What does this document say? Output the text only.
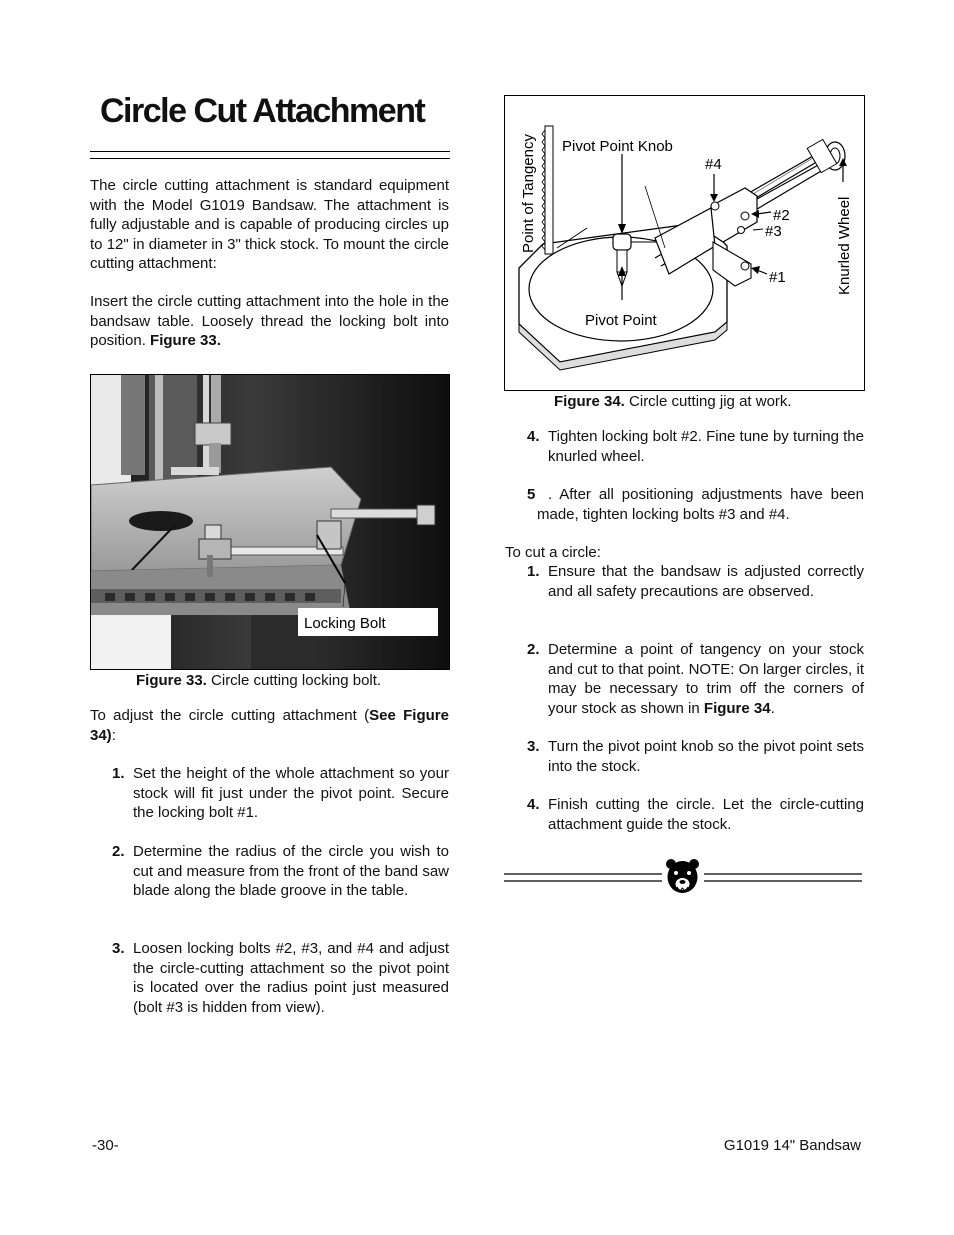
Circle Cut Attachment

The circle cutting attachment is standard equipment with the Model G1019 Bandsaw. The attachment is fully adjustable and is capable of producing circles up to 12" in diameter in 3" thick stock. To mount the circle cutting attachment:

Insert the circle cutting attachment into the hole in the bandsaw table. Loosely thread the locking bolt into position. Figure 33.

Locking Bolt

Figure 33. Circle cutting locking bolt.

To adjust the circle cutting attachment (See Figure 34):

1. Set the height of the whole attachment so your stock will fit just under the pivot point. Secure the locking bolt #1.

2. Determine the radius of the circle you wish to cut and measure from the front of the band saw blade along the blade groove in the table.

3. Loosen locking bolts #2, #3, and #4 and adjust the circle-cutting attachment so the pivot point is located over the radius point just measured (bolt #3 is hidden from view).

Pivot Point Knob
#4
#2
#3
#1
Pivot Point
Point of Tangency	Knurled Wheel

Figure 34. Circle cutting jig at work.

4. Tighten locking bolt #2. Fine tune by turning the knurled wheel.

5 . After all positioning adjustments have been made, tighten locking bolts #3 and #4.

To cut a circle:

1. Ensure that the bandsaw is adjusted correctly and all safety precautions are observed.

2. Determine a point of tangency on your stock and cut to that point. NOTE: On larger circles, it may be necessary to trim off the corners of your stock as shown in Figure 34.

3. Turn the pivot point knob so the pivot point sets into the stock.

4. Finish cutting the circle. Let the circle-cutting attachment guide the stock.

-30-	G1019 14" Bandsaw
